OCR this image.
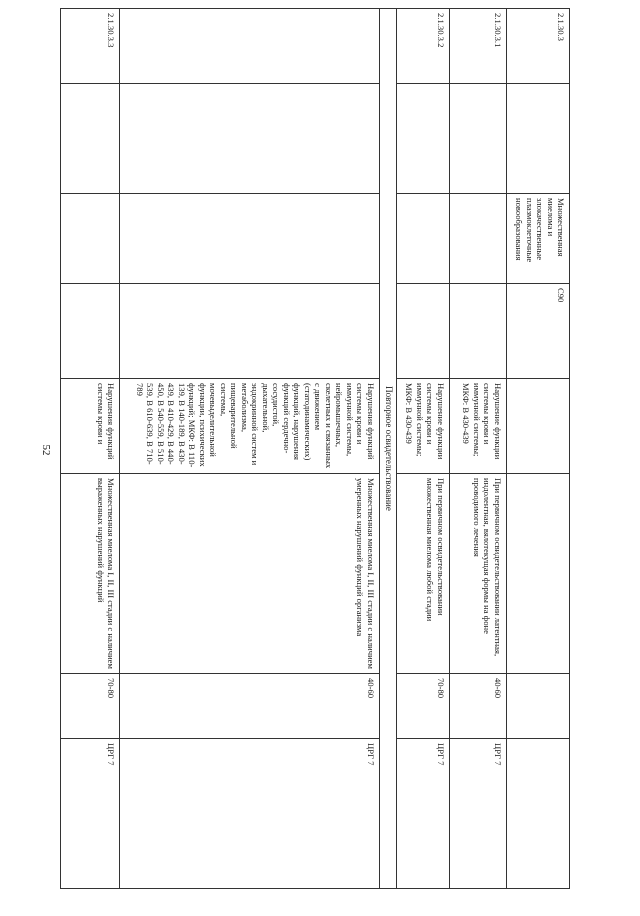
52
2.1.30.3		Множественная миелома и злокачественные плазмоклеточные новообразования	C90				
2.1.30.3.1				Нарушение функции системы крови и иммунной системы; МКФ: В 430-439	При первичном освидетельствовании латентная, индолентная, вялотекущая формы на фоне проводимого лечения	40-60	ЦРГ 7
2.1.30.3.2				Нарушение функции системы крови и иммунной системы; МКФ: В 430-439	При первичном освидетельствовании множественная миелома любой стадии	70-80	ЦРГ 7
Повторное освидетельствование							
				Нарушения функций системы крови и иммунной системы, нейромышечных, скелетных и связанных с движением (статодинамических) функций, нарушения функций сердечно-сосудистой, дыхательной, эндокринной систем и метаболизма, пищеварительной системы, мочевыделительной функции, психических функций; МКФ: В 110-139, В 140-189, В 430-439, В 410-429, В 440-450, В 540-559, В 510-539, В 610-639, В 710-789	Множественная миелома I, II, III стадии с наличием умеренных нарушений функций организма	40-60	ЦРГ 7
2.1.30.3.3				Нарушения функций системы крови и	Множественная миелома I, II, III стадии с наличием выраженных нарушений функций	70-80	ЦРГ 7
